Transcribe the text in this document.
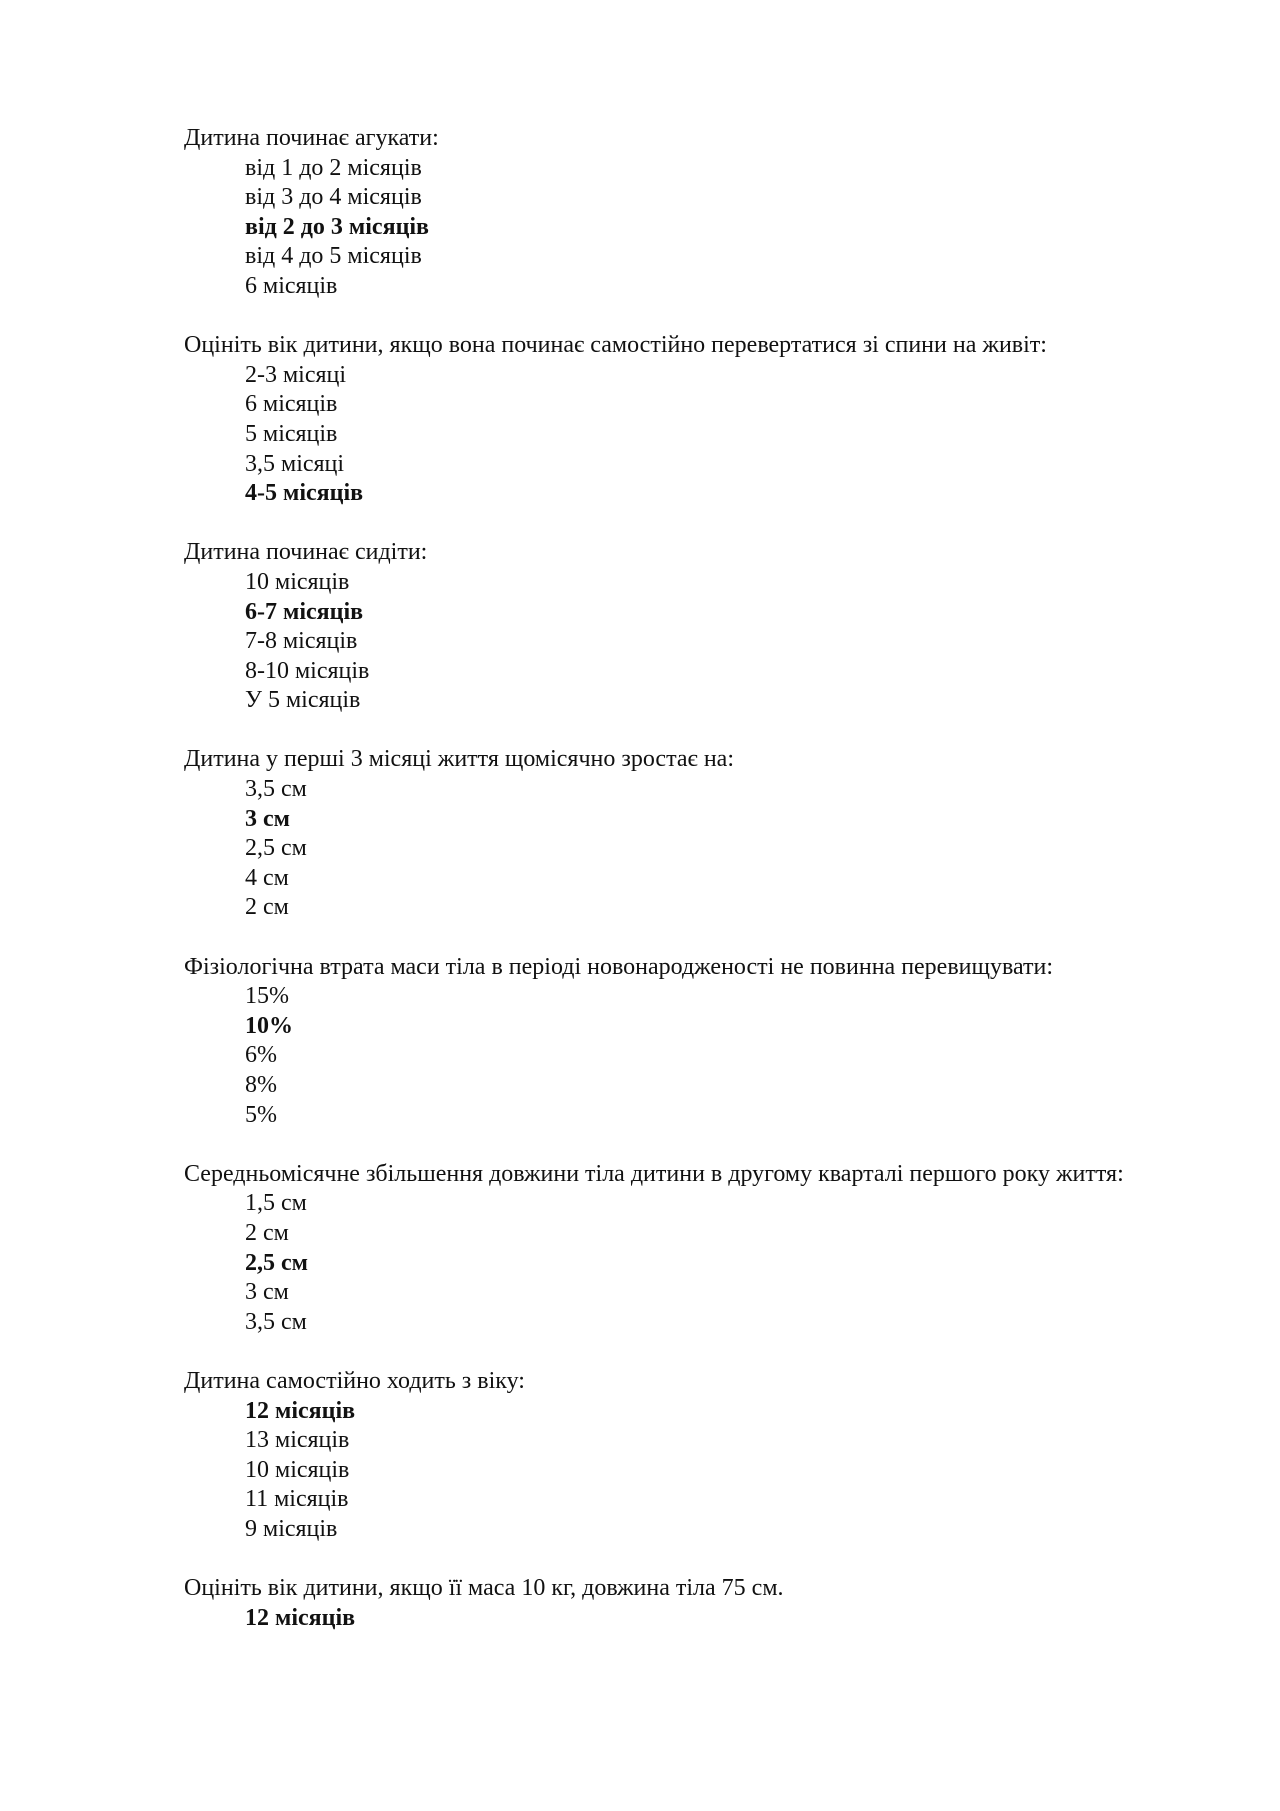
Дитина починає агукати:

від 1 до 2 місяців
від 3 до 4 місяців
від 2 до 3 місяців
від 4 до 5 місяців
6 місяців

Оцініть вік дитини, якщо вона починає самостійно перевертатися зі спини на живіт:

2-3 місяці
6 місяців
5 місяців
3,5 місяці
4-5 місяців

Дитина починає сидіти:

10 місяців
6-7 місяців
7-8 місяців
8-10 місяців
У 5 місяців

Дитина у перші 3 місяці життя щомісячно зростає на:

3,5 см
3 см
2,5 см
4 см
2 см

Фізіологічна втрата маси тіла в періоді новонародженості не повинна перевищувати:

15%
10%
6%
8%
5%

Середньомісячне збільшення довжини тіла дитини в другому кварталі першого року життя:

1,5 см
2 см
2,5 см
3 см
3,5 см

Дитина самостійно ходить з віку:

12 місяців
13 місяців
10 місяців
11 місяців
9 місяців

Оцініть вік дитини, якщо її маса 10 кг, довжина тіла 75 см.

12 місяців
